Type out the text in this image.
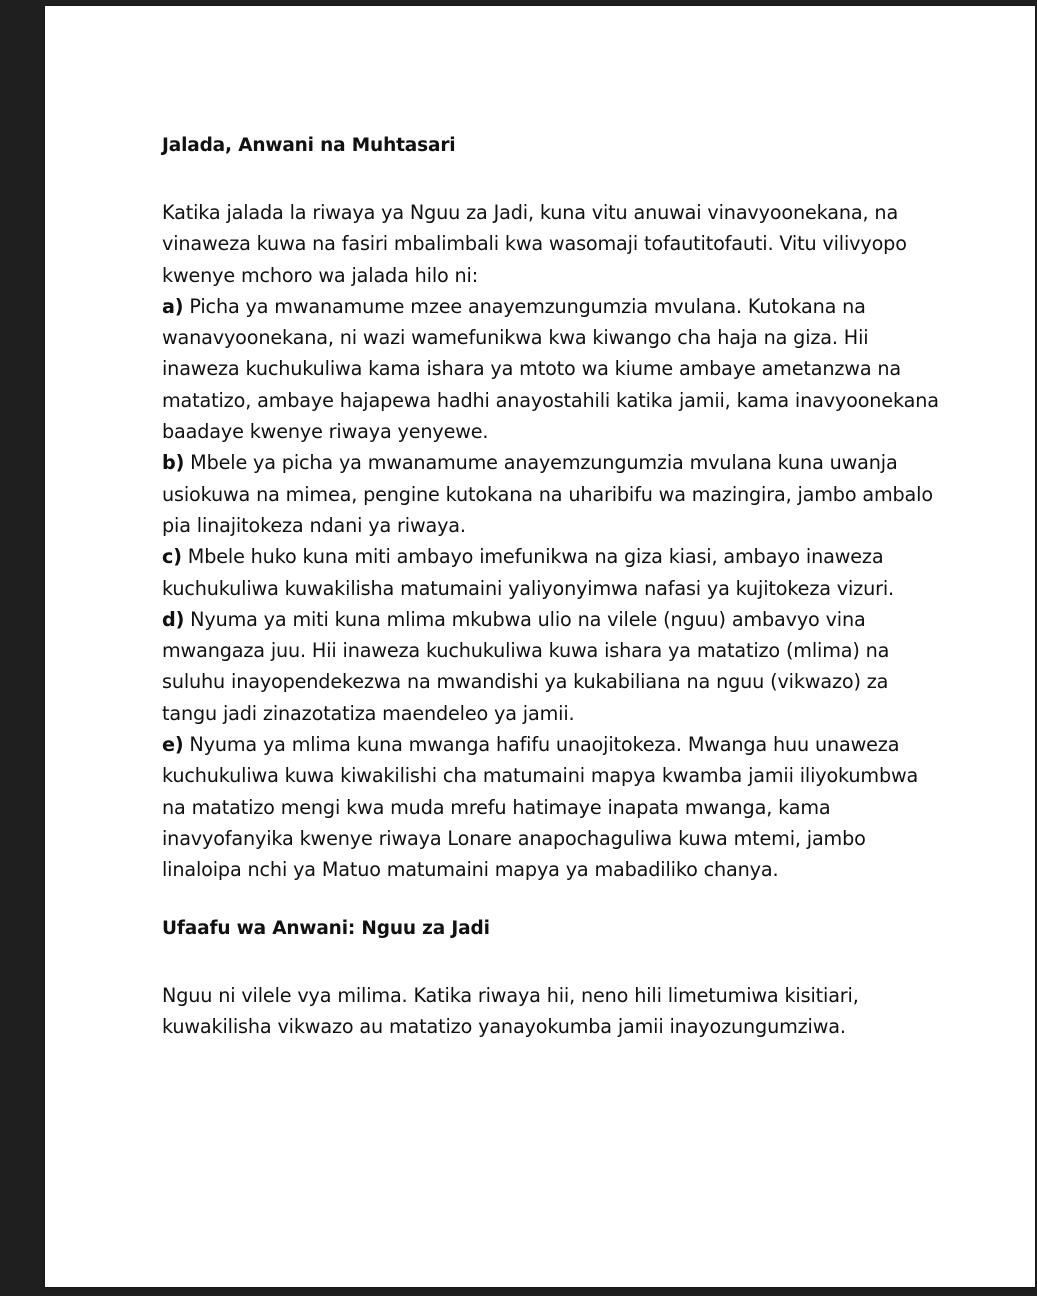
Jalada, Anwani na Muhtasari

Katika jalada la riwaya ya Nguu za Jadi, kuna vitu anuwai vinavyoonekana, na vinaweza kuwa na fasiri mbalimbali kwa wasomaji tofautitofauti. Vitu vilivyopo kwenye mchoro wa jalada hilo ni:

a) Picha ya mwanamume mzee anayemzungumzia mvulana. Kutokana na wanavyoonekana, ni wazi wamefunikwa kwa kiwango cha haja na giza. Hii inaweza kuchukuliwa kama ishara ya mtoto wa kiume ambaye ametanzwa na matatizo, ambaye hajapewa hadhi anayostahili katika jamii, kama inavyoonekana baadaye kwenye riwaya yenyewe.

b) Mbele ya picha ya mwanamume anayemzungumzia mvulana kuna uwanja usiokuwa na mimea, pengine kutokana na uharibifu wa mazingira, jambo ambalo pia linajitokeza ndani ya riwaya.

c) Mbele huko kuna miti ambayo imefunikwa na giza kiasi, ambayo inaweza kuchukuliwa kuwakilisha matumaini yaliyonyimwa nafasi ya kujitokeza vizuri.

d) Nyuma ya miti kuna mlima mkubwa ulio na vilele (nguu) ambavyo vina mwangaza juu. Hii inaweza kuchukuliwa kuwa ishara ya matatizo (mlima) na suluhu inayopendekezwa na mwandishi ya kukabiliana na nguu (vikwazo) za tangu jadi zinazotatiza maendeleo ya jamii.

e) Nyuma ya mlima kuna mwanga hafifu unaojitokeza. Mwanga huu unaweza kuchukuliwa kuwa kiwakilishi cha matumaini mapya kwamba jamii iliyokumbwa na matatizo mengi kwa muda mrefu hatimaye inapata mwanga, kama inavyofanyika kwenye riwaya Lonare anapochaguliwa kuwa mtemi, jambo linaloipa nchi ya Matuo matumaini mapya ya mabadiliko chanya.

Ufaafu wa Anwani: Nguu za Jadi

Nguu ni vilele vya milima. Katika riwaya hii, neno hili limetumiwa kisitiari, kuwakilisha vikwazo au matatizo yanayokumba jamii inayozungumziwa.
